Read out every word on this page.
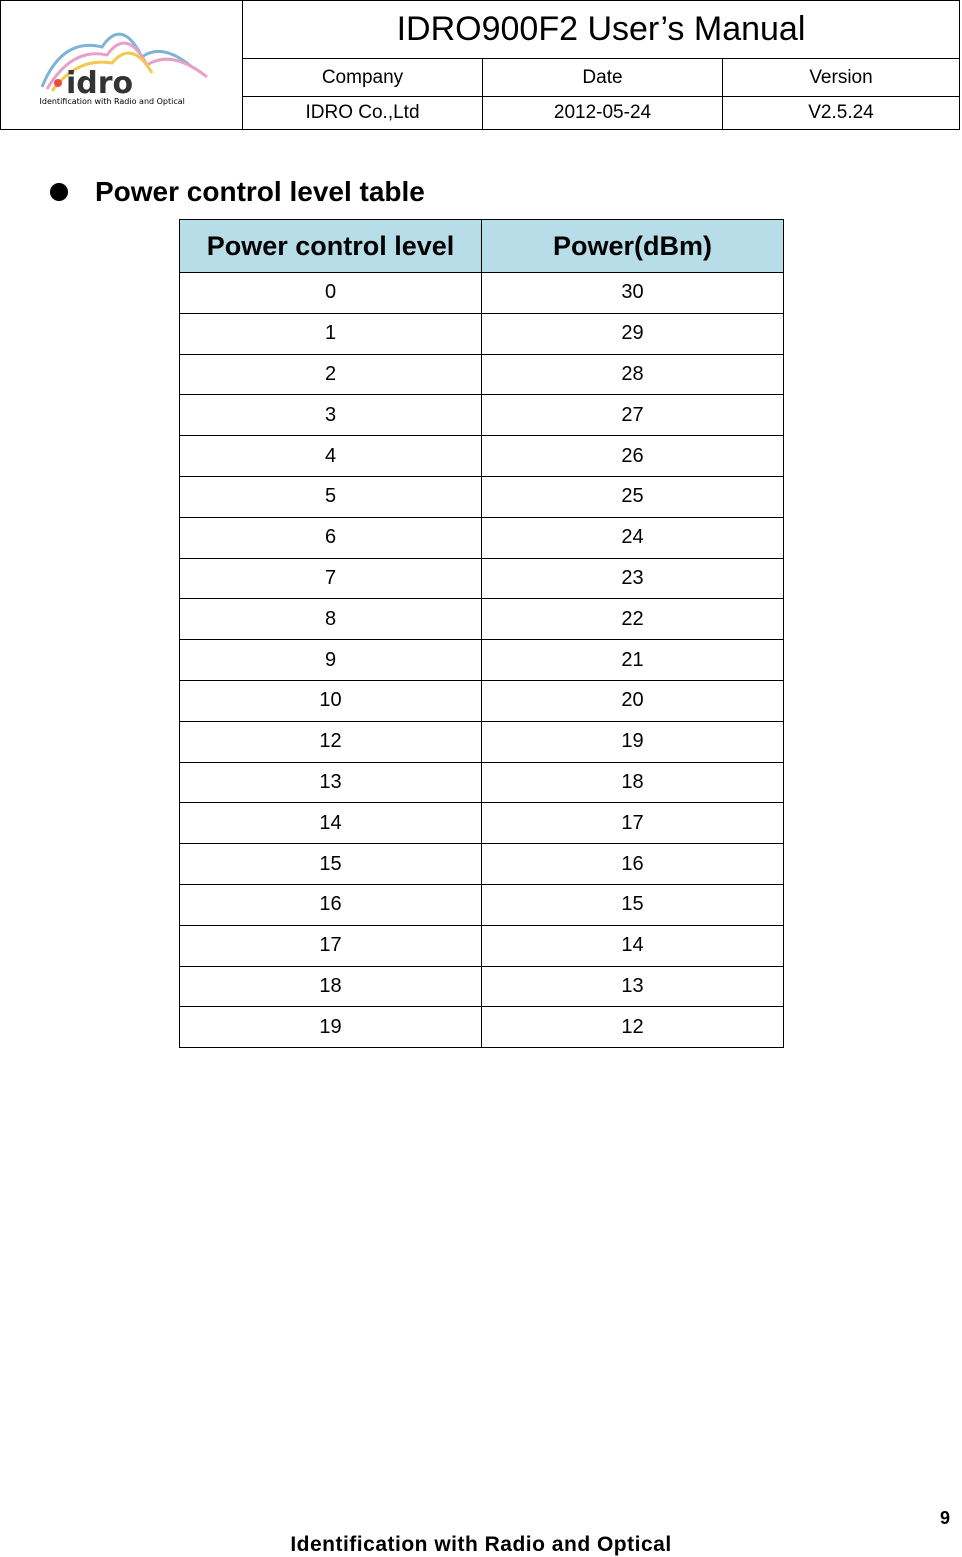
idro
Identification with Radio and Optical
IDRO900F2 User’s Manual
Company	Date	Version
IDRO Co.,Ltd	2012-05-24	V2.5.24
Power control level table
Power control level	Power(dBm)
0	30
1	29
2	28
3	27
4	26
5	25
6	24
7	23
8	22
9	21
10	20
12	19
13	18
14	17
15	16
16	15
17	14
18	13
19	12
9
Identification with Radio and Optical
